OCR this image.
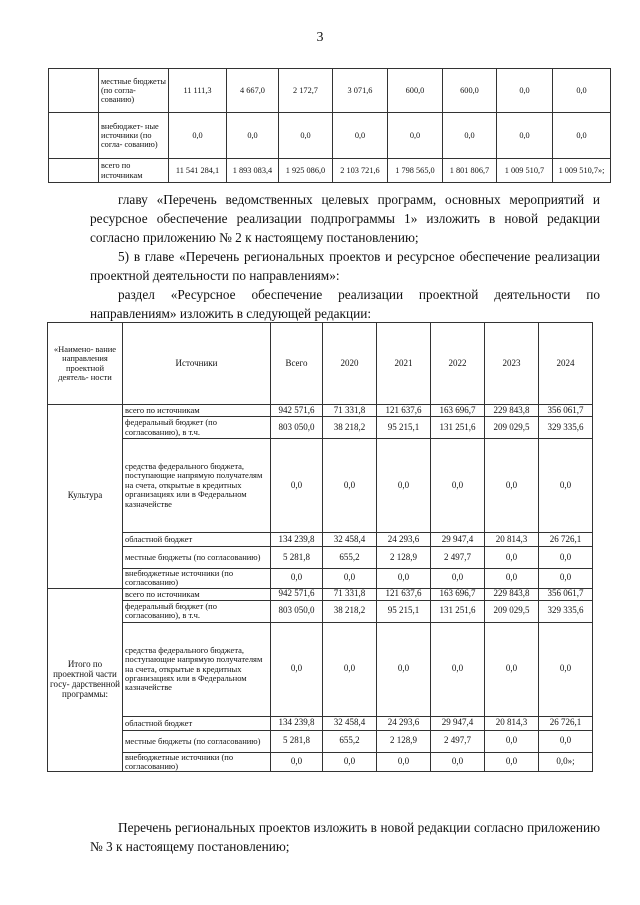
3
	местные бюджеты (по согла- сованию)	11 111,3	4 667,0	2 172,7	3 071,6	600,0	600,0	0,0	0,0
	внебюджет- ные источники (по согла- сованию)	0,0	0,0	0,0	0,0	0,0	0,0	0,0	0,0
	всего по источникам	11 541 284,1	1 893 083,4	1 925 086,0	2 103 721,6	1 798 565,0	1 801 806,7	1 009 510,7	1 009 510,7»;

главу «Перечень ведомственных целевых программ, основных мероприятий и ресурсное обеспечение реализации подпрограммы 1» изложить в новой редакции согласно приложению № 2 к настоящему постановлению;

5) в главе «Перечень региональных проектов и ресурсное обеспечение реализации проектной деятельности по направлениям»:

раздел «Ресурсное обеспечение реализации проектной деятельности по направлениям» изложить в следующей редакции:

«Наимено- вание направления проектной деятель- ности	Источники	Всего	2020	2021	2022	2023	2024
Культура	всего по источникам	942 571,6	71 331,8	121 637,6	163 696,7	229 843,8	356 061,7
	федеральный бюджет (по согласованию), в т.ч.	803 050,0	38 218,2	95 215,1	131 251,6	209 029,5	329 335,6
	средства федерального бюджета, поступающие напрямую получателям на счета, открытые в кредитных организациях или в Федеральном казначействе	0,0	0,0	0,0	0,0	0,0	0,0
	областной бюджет	134 239,8	32 458,4	24 293,6	29 947,4	20 814,3	26 726,1
	местные бюджеты (по согласованию)	5 281,8	655,2	2 128,9	2 497,7	0,0	0,0
	внебюджетные источники (по согласованию)	0,0	0,0	0,0	0,0	0,0	0,0
Итого по проектной части госу- дарственной программы:	всего по источникам	942 571,6	71 331,8	121 637,6	163 696,7	229 843,8	356 061,7
	федеральный бюджет (по согласованию), в т.ч.	803 050,0	38 218,2	95 215,1	131 251,6	209 029,5	329 335,6
	средства федерального бюджета, поступающие напрямую получателям на счета, открытые в кредитных организациях или в Федеральном казначействе	0,0	0,0	0,0	0,0	0,0	0,0
	областной бюджет	134 239,8	32 458,4	24 293,6	29 947,4	20 814,3	26 726,1
	местные бюджеты (по согласованию)	5 281,8	655,2	2 128,9	2 497,7	0,0	0,0
	внебюджетные источники (по согласованию)	0,0	0,0	0,0	0,0	0,0	0,0»;

Перечень региональных проектов изложить в новой редакции согласно приложению № 3 к настоящему постановлению;
